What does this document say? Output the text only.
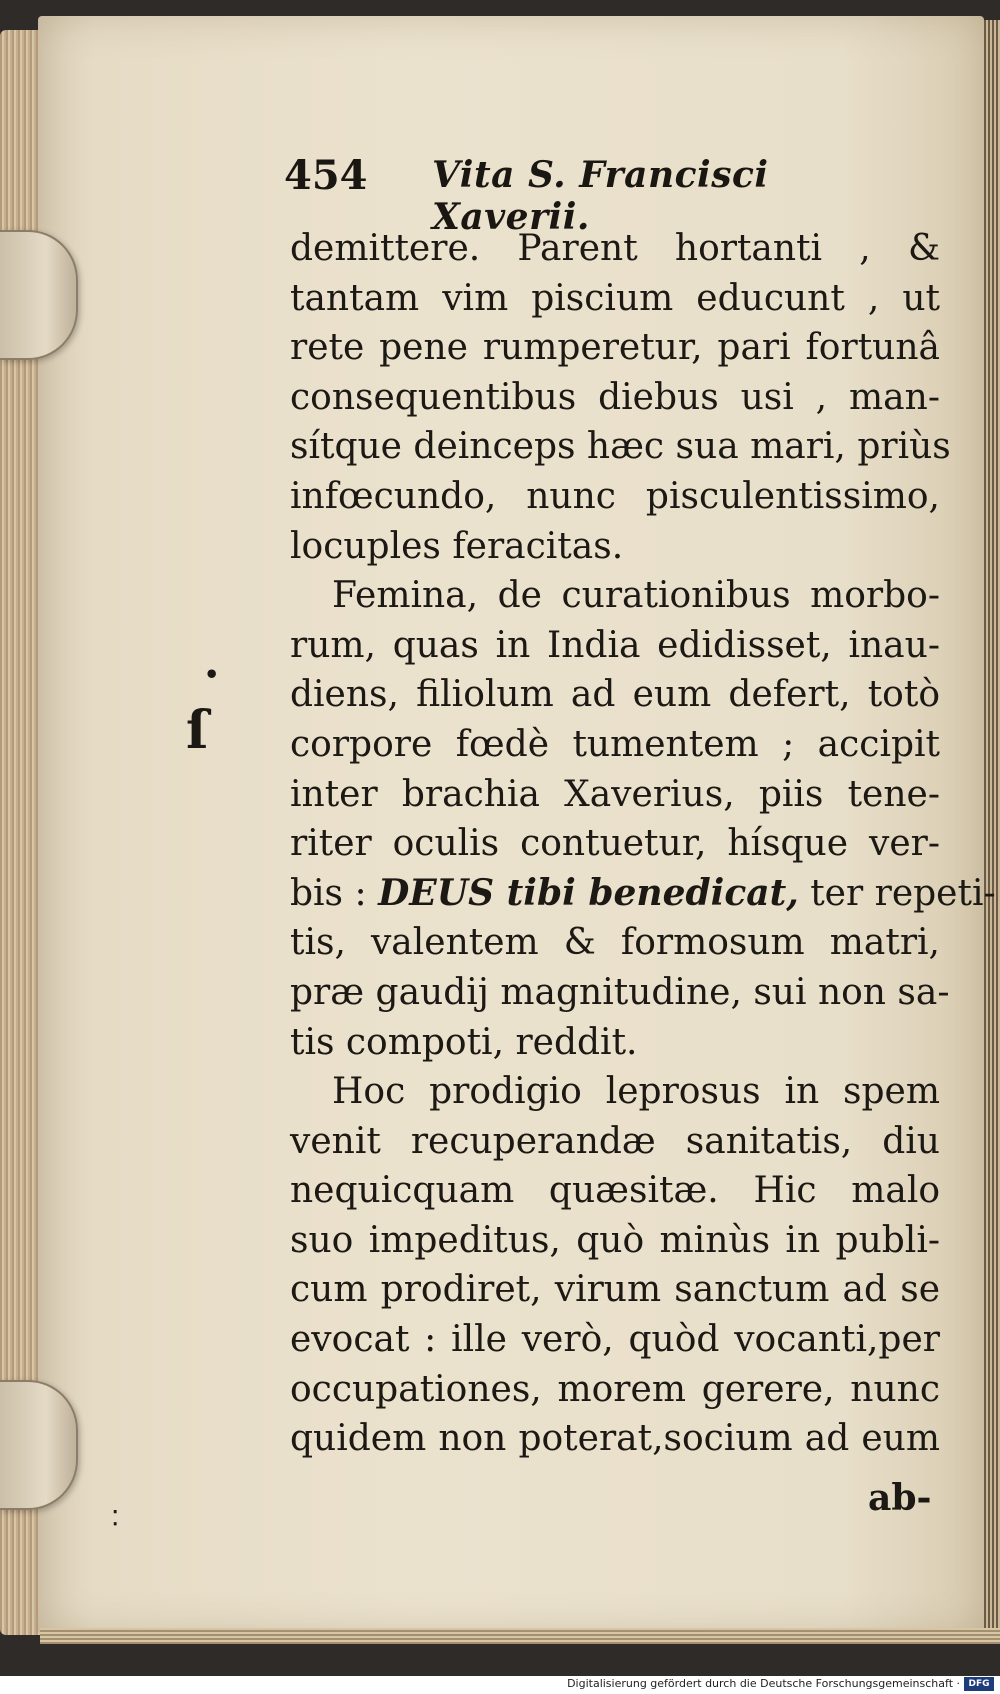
454 Vita S. Francisci Xaverii.
•
ſ
⁚
demittere. Parent hortanti , &
tantam vim piscium educunt , ut
rete pene rumperetur, pari fortunâ
consequentibus diebus usi , man-
sítque deinceps hæc sua mari, priùs
infœcundo, nunc pisculentissimo,
locuples feracitas.
Femina, de curationibus morbo-
rum, quas in India edidisset, inau-
diens, filiolum ad eum defert, totò
corpore fœdè tumentem ; accipit
inter brachia Xaverius, piis tene-
riter oculis contuetur, hísque ver-
bis : DEUS tibi benedicat, ter repeti-
tis, valentem & formosum matri,
præ gaudij magnitudine, sui non sa-
tis compoti, reddit.
Hoc prodigio leprosus in spem
venit recuperandæ sanitatis, diu
nequicquam quæsitæ. Hic malo
suo impeditus, quò minùs in publi-
cum prodiret, virum sanctum ad se
evocat : ille verò, quòd vocanti,per
occupationes, morem gerere, nunc
quidem non poterat,socium ad eum
ab-
Digitalisierung gefördert durch die Deutsche Forschungsgemeinschaft · DFG
